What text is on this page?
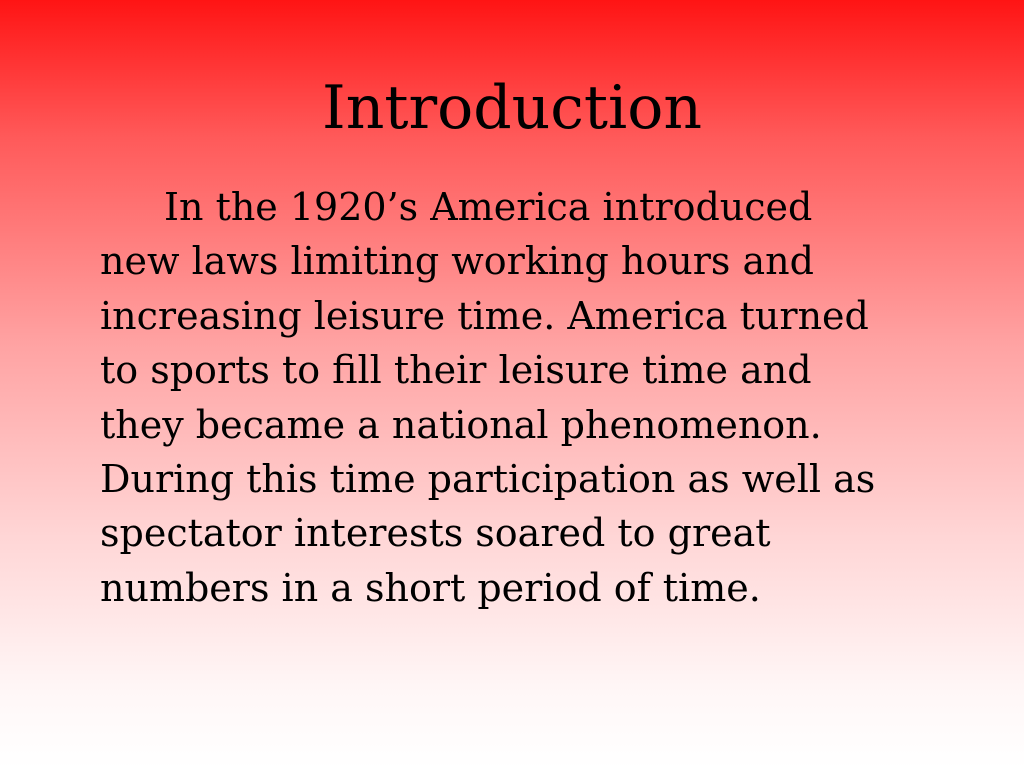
Introduction
In the 1920’s America introduced
new laws limiting working hours and
increasing leisure time. America turned
to sports to fill their leisure time and
they became a national phenomenon.
During this time participation as well as
spectator interests soared to great
numbers in a short period of time.
